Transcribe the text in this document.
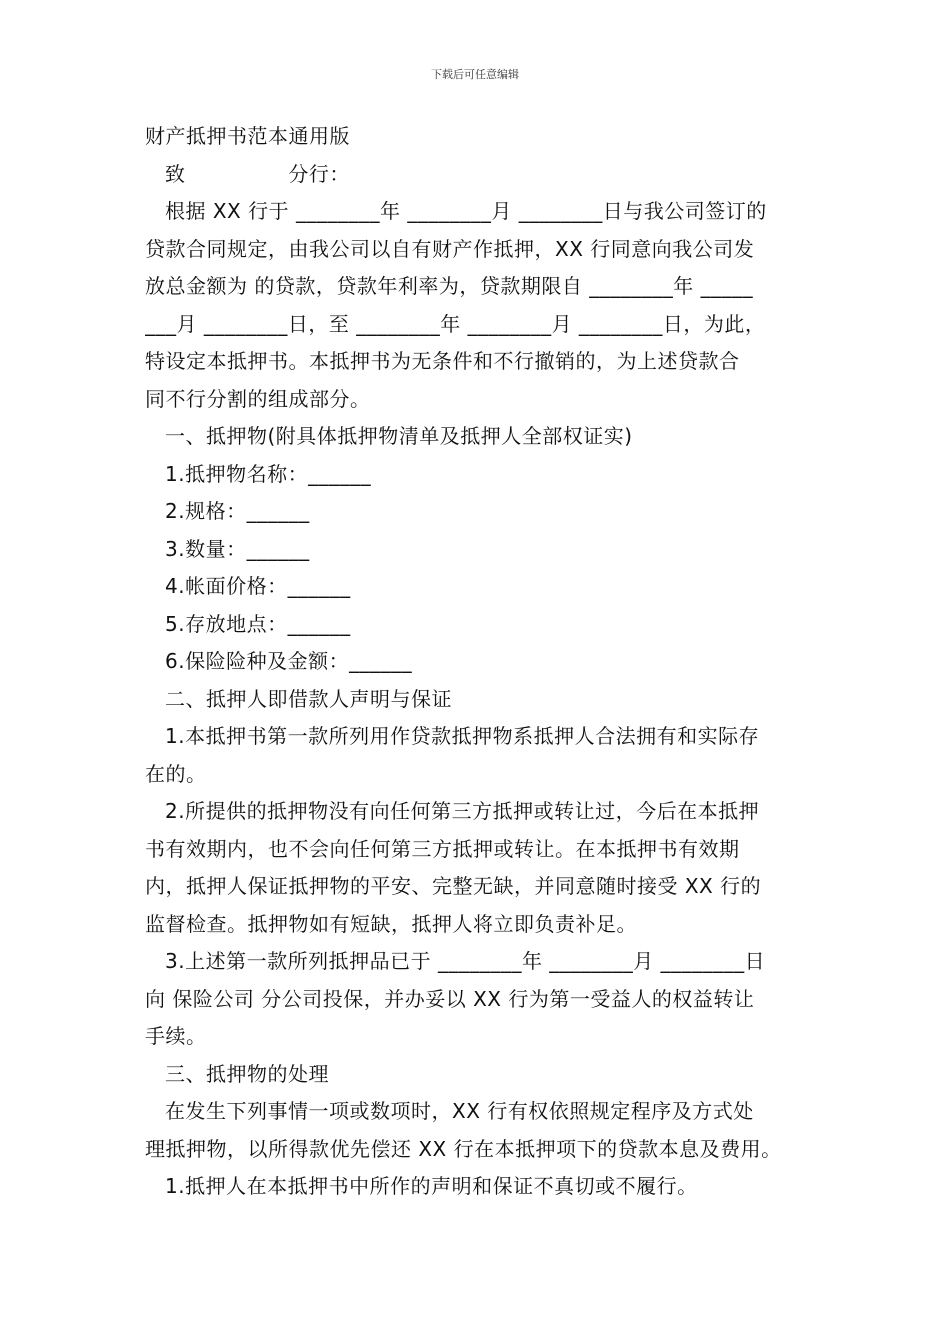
下载后可任意编辑
财产抵押书范本通用版
致               分行：
根据 XX 行于 ________年 ________月 ________日与我公司签订的
贷款合同规定，由我公司以自有财产作抵押，XX 行同意向我公司发
放总金额为 的贷款，贷款年利率为，贷款期限自 ________年 _____
___月 ________日，至 ________年 ________月 ________日，为此，
特设定本抵押书。本抵押书为无条件和不行撤销的，为上述贷款合
同不行分割的组成部分。
一、抵押物(附具体抵押物清单及抵押人全部权证实)
1.抵押物名称：______
2.规格：______
3.数量：______
4.帐面价格：______
5.存放地点：______
6.保险险种及金额：______
二、抵押人即借款人声明与保证
1.本抵押书第一款所列用作贷款抵押物系抵押人合法拥有和实际存
在的。
2.所提供的抵押物没有向任何第三方抵押或转让过，今后在本抵押
书有效期内，也不会向任何第三方抵押或转让。在本抵押书有效期
内，抵押人保证抵押物的平安、完整无缺，并同意随时接受 XX 行的
监督检查。抵押物如有短缺，抵押人将立即负责补足。
3.上述第一款所列抵押品已于 ________年 ________月 ________日
向 保险公司 分公司投保，并办妥以 XX 行为第一受益人的权益转让
手续。
三、抵押物的处理
在发生下列事情一项或数项时，XX 行有权依照规定程序及方式处
理抵押物，以所得款优先偿还 XX 行在本抵押项下的贷款本息及费用。
1.抵押人在本抵押书中所作的声明和保证不真切或不履行。
